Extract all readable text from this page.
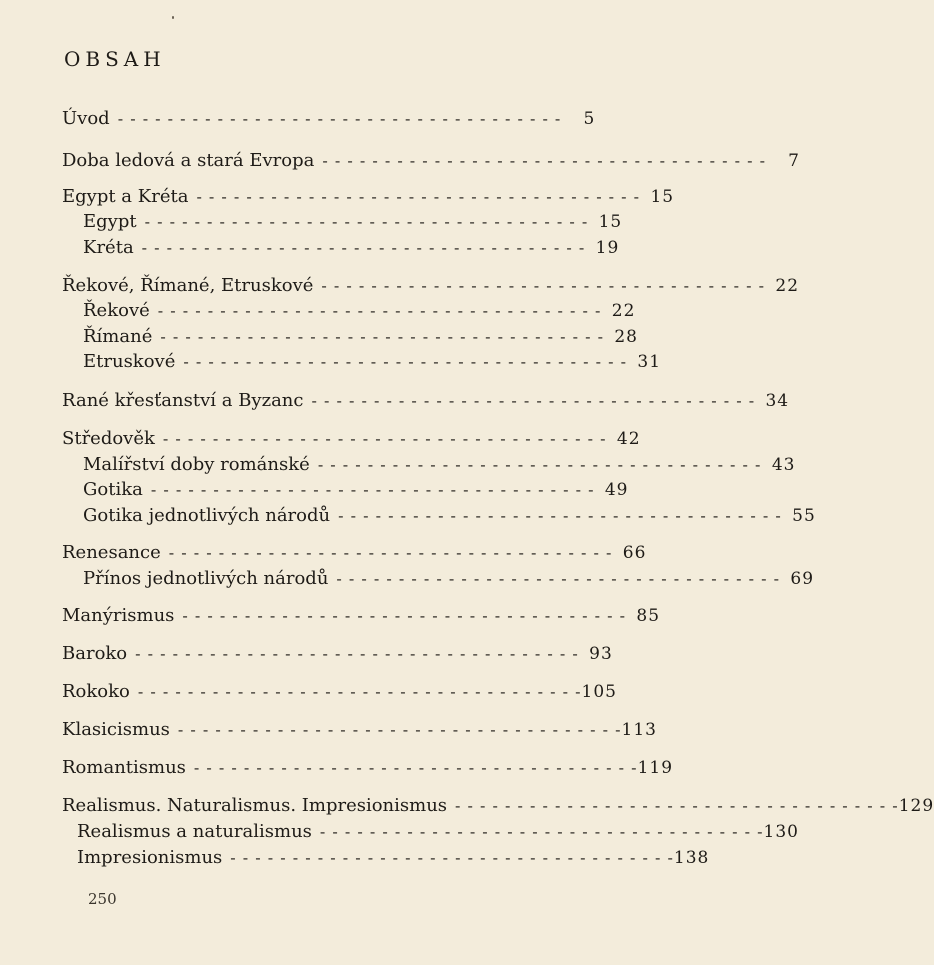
OBSAH
Úvod - - - - - - - - - - - - - - - - - - - - - - - - - - - - - - - - - - - -	5
Doba ledová a stará Evropa - - - - - - - - - - - - - - - - - - - - - - - - - - - - - - - - - - - -	7
Egypt a Kréta - - - - - - - - - - - - - - - - - - - - - - - - - - - - - - - - - - - - 15
Egypt - - - - - - - - - - - - - - - - - - - - - - - - - - - - - - - - - - - - 15
Kréta - - - - - - - - - - - - - - - - - - - - - - - - - - - - - - - - - - - - 19
Řekové, Římané, Etruskové - - - - - - - - - - - - - - - - - - - - - - - - - - - - - - - - - - - - 22
Řekové - - - - - - - - - - - - - - - - - - - - - - - - - - - - - - - - - - - - 22
Římané - - - - - - - - - - - - - - - - - - - - - - - - - - - - - - - - - - - - 28
Etruskové - - - - - - - - - - - - - - - - - - - - - - - - - - - - - - - - - - - - 31
Rané křesťanství a Byzanc - - - - - - - - - - - - - - - - - - - - - - - - - - - - - - - - - - - - 34
Středověk - - - - - - - - - - - - - - - - - - - - - - - - - - - - - - - - - - - - 42
Malířství doby románské - - - - - - - - - - - - - - - - - - - - - - - - - - - - - - - - - - - - 43
Gotika - - - - - - - - - - - - - - - - - - - - - - - - - - - - - - - - - - - - 49
Gotika jednotlivých národů - - - - - - - - - - - - - - - - - - - - - - - - - - - - - - - - - - - - 55
Renesance - - - - - - - - - - - - - - - - - - - - - - - - - - - - - - - - - - - - 66
Přínos jednotlivých národů - - - - - - - - - - - - - - - - - - - - - - - - - - - - - - - - - - - - 69
Manýrismus - - - - - - - - - - - - - - - - - - - - - - - - - - - - - - - - - - - - 85
Baroko - - - - - - - - - - - - - - - - - - - - - - - - - - - - - - - - - - - - 93
Rokoko - - - - - - - - - - - - - - - - - - - - - - - - - - - - - - - - - - - - 105
Klasicismus - - - - - - - - - - - - - - - - - - - - - - - - - - - - - - - - - - - - 113
Romantismus - - - - - - - - - - - - - - - - - - - - - - - - - - - - - - - - - - - - 119
Realismus. Naturalismus. Impresionismus - - - - - - - - - - - - - - - - - - - - - - - - - - - - - - - - - - - - 129
Realismus a naturalismus - - - - - - - - - - - - - - - - - - - - - - - - - - - - - - - - - - - - 130
Impresionismus - - - - - - - - - - - - - - - - - - - - - - - - - - - - - - - - - - - - 138
250
